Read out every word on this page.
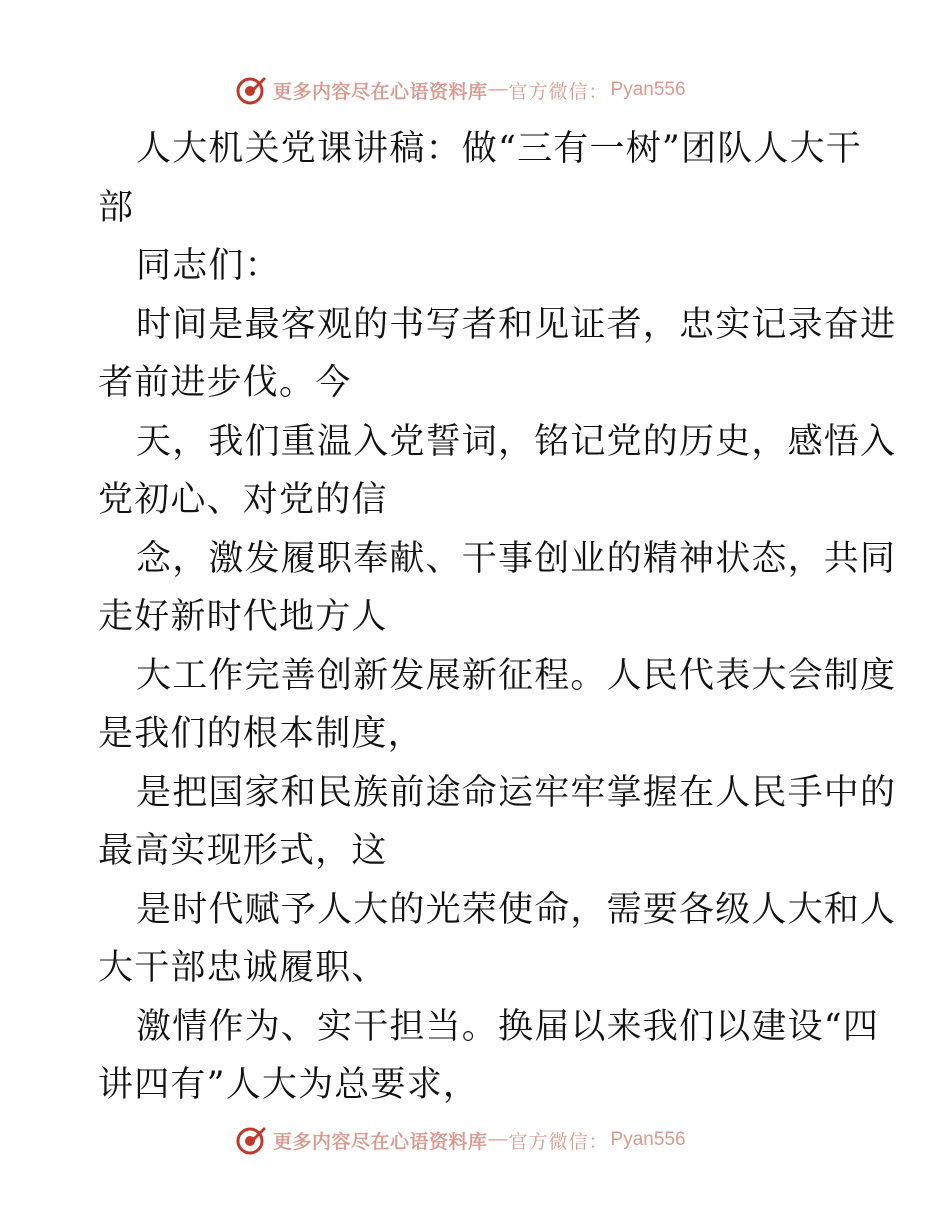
更多内容尽在心语资料库 — 官方微信： Pyan556
人大机关党课讲稿：做“三有一树”团队人大干
部
同志们：
时间是最客观的书写者和见证者，忠实记录奋进
者前进步伐。今
天，我们重温入党誓词，铭记党的历史，感悟入
党初心、对党的信
念，激发履职奉献、干事创业的精神状态，共同
走好新时代地方人
大工作完善创新发展新征程。人民代表大会制度
是我们的根本制度，
是把国家和民族前途命运牢牢掌握在人民手中的
最高实现形式，这
是时代赋予人大的光荣使命，需要各级人大和人
大干部忠诚履职、
激情作为、实干担当。换届以来我们以建设“四
讲四有”人大为总要求，
更多内容尽在心语资料库 — 官方微信： Pyan556
